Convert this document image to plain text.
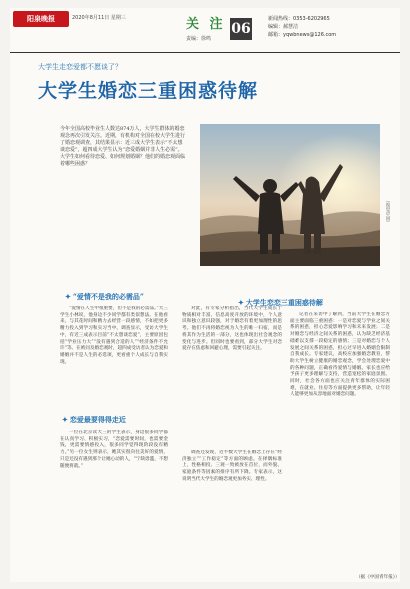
阳泉晚报	2020年8月11日 星期三	关 注
责编：徐鸣
06
新闻热线：0353-6202965
编辑：郝慧洁
邮箱：yqwbnews@126.com
大学生走恋爱都不愿谈了？
大学生婚恋三重困惑待解
今年全国高校毕业生人数达874万人，大学生群体的婚恋观念再次引发关注。近期，有机构对全国在校大学生进行了婚恋观调查，其结果显示：近三成大学生表示“不太想谈恋爱”，超四成大学生认为“恋爱婚姻并非人生必需”。大学生如何看待恋爱、如何规划婚姻？他们的婚恋观面临着哪些困惑？
（视觉中国）
✦ “爱情不是我的必需品”

“爱情在人生中很重要，但不是我的必需品。”大三学生小林说，他身边不少同学都有类似想法。在他看来，与其花时间和精力去经营一段感情，不如把更多精力投入到学习和实习当中。调查显示，受访大学生中，有近三成表示目前“不太想谈恋爱”，主要原因包括“学业压力大”“没有遇到合适的人”“经济条件不允许”等。在被问及婚恋观时，超四成受访者认为恋爱和婚姻并不是人生的必选项，更看重个人成长与自我实现。

对此，有专家分析指出，当代大学生成长于物质相对丰富、信息高度开放的环境中，个人意识和独立意识较强，对于婚恋有着更加理性的思考。他们不再将婚恋视为人生的唯一归宿，而是将其作为生活的一部分，这也体现出社会观念的变化与进步。但同时也要看到，部分大学生对恋爱存在焦虑和回避心理，需要引起关注。

✦ 恋爱最要得得走近

一位在北京读大三的学生表示，身边很多同学都在认真学习、积极实习，“恋爱需要时间，也需要金钱，更需要情感投入，很多同学觉得现阶段没有精力。”另一位女生则表示，她其实很向往美好的爱情，只是还没有遇到那个让她心动的人，“宁缺毋滥，不想随便将就。”

调查还发现，近半数大学生在婚恋上存在“经济独立”“工作稳定”等方面的顾虑。在择偶标准上，性格相投、三观一致被放在首位，而外貌、家庭条件等因素的排序有所下降。专家表示，这说明当代大学生的婚恋观更加务实、理性。

✦ 大学生恋恋三重困惑待解

记者在采访中了解到，当前大学生在婚恋方面主要面临三重困惑：一是对恋爱与学业之间关系的困惑，担心恋爱影响学习和未来发展；二是对婚恋与经济之间关系的困惑，认为缺乏经济基础难以支撑一段稳定的感情；三是对婚恋与个人发展之间关系的困惑，担心过早进入婚姻会限制自我成长。专家建议，高校应加强婚恋教育，帮助大学生树立健康的婚恋观念，学会处理恋爱中的各种问题，正确看待爱情与婚姻。家长也应给予孩子更多理解与支持，营造宽松的家庭氛围。同时，社会各方面也应关注青年群体的实际困难，在就业、住房等方面提供更多帮助，让年轻人能够更加从容地面对婚恋问题。

（据《中国青年报》）
